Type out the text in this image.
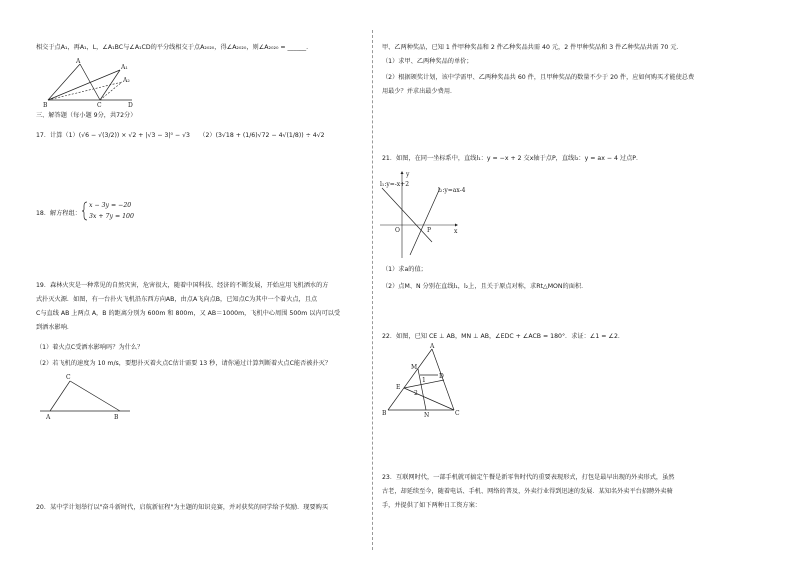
相交于点A₁，再A₁，L，∠A₁BC与∠A₁CD的平分线相交于点A₂₀₂₀，得∠A₂₀₂₀，则∠A₂₀₂₀ = ______.
A
A₁
A₂
B	C	D
三、解答题（每小题 9分，共72分）
17．计算（1）(√6 − √(3/2)) × √2 + |√3 − 3|⁰ − √3　　（2）(3√18 + (1/6)√72 − 4√(1/8)) ÷ 4√2
18．解方程组：
x − 3y = −20
3x + 7y = 100
19．森林火灾是一种常见的自然灾害，危害很大，随着中国科技、经济的不断发展，开始应用飞机洒水的方
式扑灭火源．如图，有一台扑火飞机沿东西方向AB，由点A飞向点B，已知点C为其中一个着火点，且点
C与直线 AB 上两点 A，B 的距离分别为 600m 和 800m，又 AB＝1000m，飞机中心周围 500m 以内可以受
到洒水影响．
（1）着火点C受洒水影响吗？为什么？
（2）若飞机的速度为 10 m/s，要想扑灭着火点C估计需要 13 秒，请你通过计算判断着火点C能否被扑灭？
C
A	B
20．某中学计划举行以"奋斗新时代，启航新征程"为主题的知识竞赛，并对获奖的同学给予奖励．现要购买
甲、乙两种奖品，已知 1 件甲种奖品和 2 件乙种奖品共需 40 元，2 件甲种奖品和 3 件乙种奖品共需 70 元．
（1）求甲、乙两种奖品的单价；
（2）根据颁奖计划，该中学需甲、乙两种奖品共 60 件，且甲种奖品的数量不少于 20 件，应如何购买才能使总费
用最少？并求出最少费用．
21．如图，在同一坐标系中，直线l₁：y = −x + 2 交x轴于点P，直线l₂：y = ax − 4 过点P．
l₁:y=-x+2
l₂:y=ax-4
y
x
O	P
（1）求a的值；
（2）点M、N 分别在直线l₁，l₂上，且关于原点对称，求Rt△MON的面积．
22．如图，已知 CE ⊥ AB，MN ⊥ AB，∠EDC + ∠ACB = 180°．求证：∠1 = ∠2．
A
B	C
D
E
M
N
1
2
23．互联网时代，一部手机就可搞定午餐是新零售时代的重要表现形式，打包是最早出现的外卖形式，虽然
古老，却延续至今，随着电话、手机、网络的普及，外卖行业得到迅速的发展．某知名外卖平台招聘外卖骑
手，并提供了如下两种日工资方案：
